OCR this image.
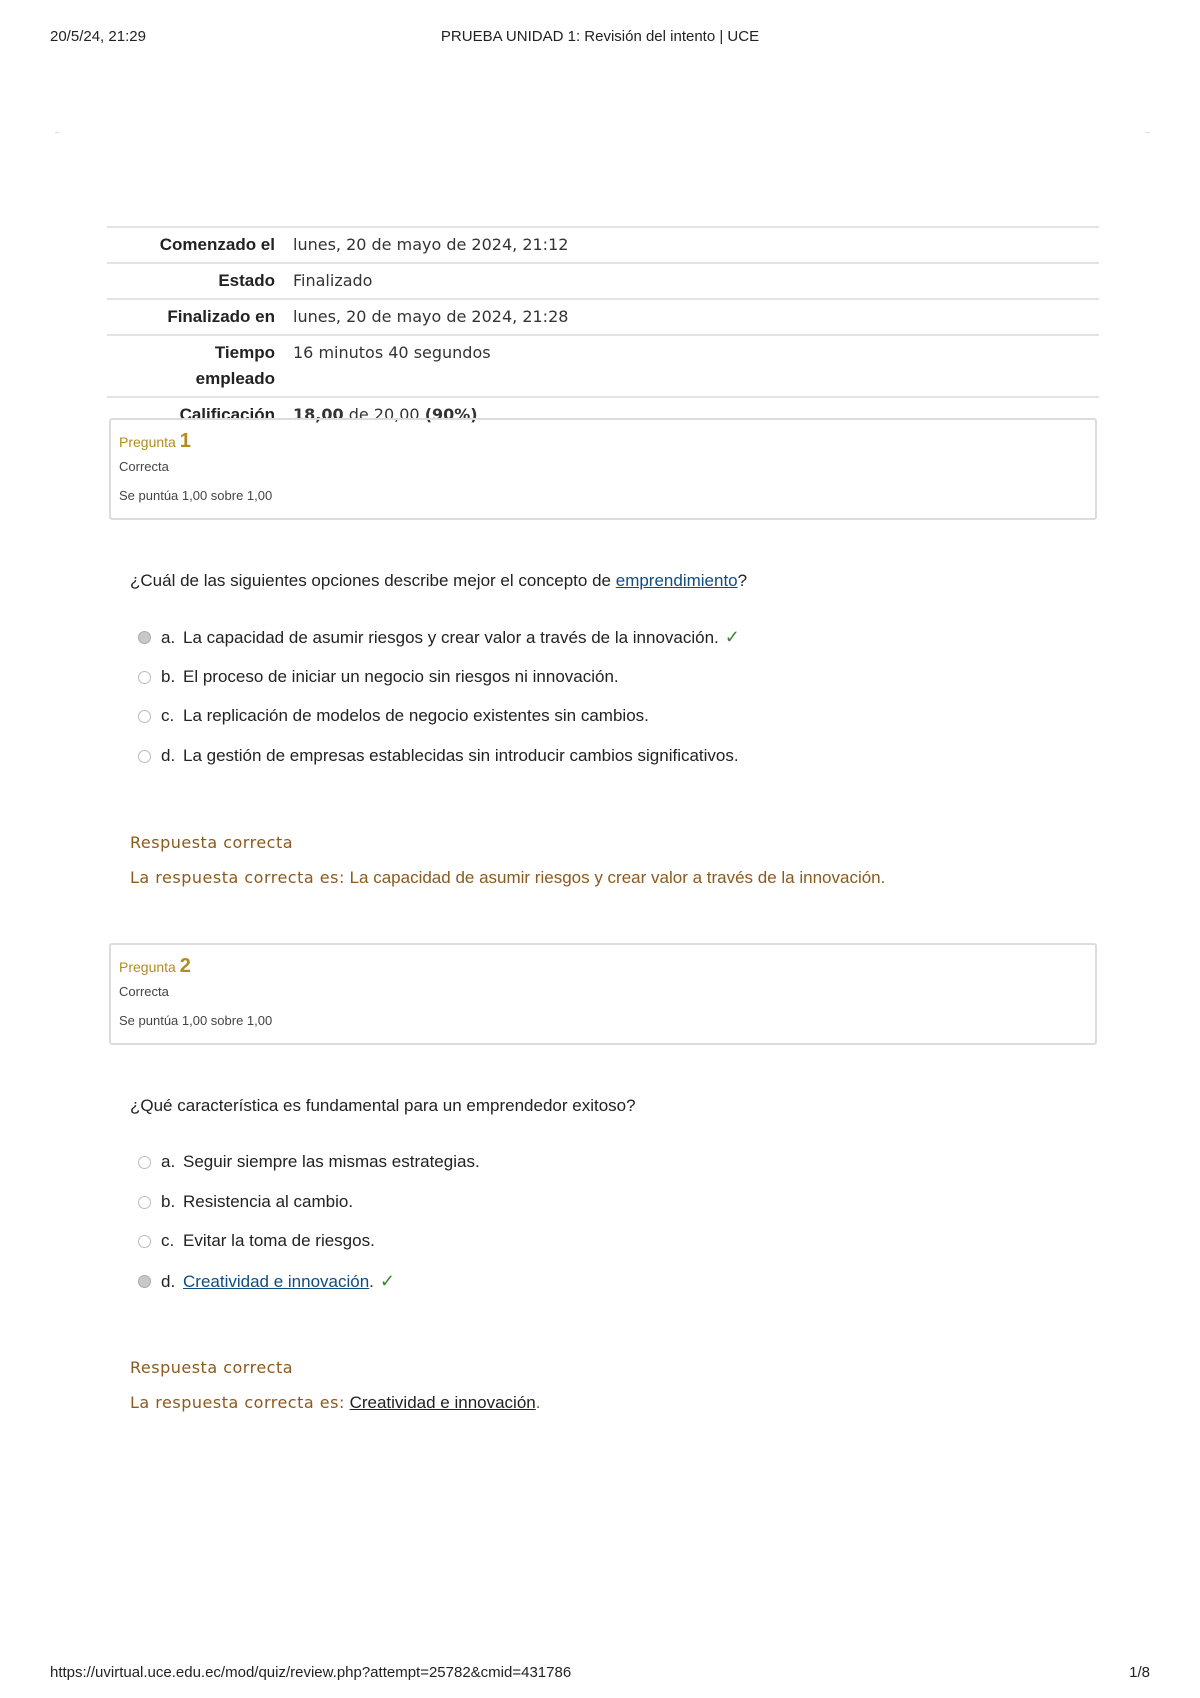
20/5/24, 21:29	PRUEBA UNIDAD 1: Revisión del intento | UCE
Comenzado el	lunes, 20 de mayo de 2024, 21:12
Estado	Finalizado
Finalizado en	lunes, 20 de mayo de 2024, 21:28
Tiempo
empleado	16 minutos 40 segundos
Calificación	18,00 de 20,00 (90%)
Pregunta 1
Correcta
Se puntúa 1,00 sobre 1,00
¿Cuál de las siguientes opciones describe mejor el concepto de emprendimiento?
a. La capacidad de asumir riesgos y crear valor a través de la innovación. ✓
b. El proceso de iniciar un negocio sin riesgos ni innovación.
c. La replicación de modelos de negocio existentes sin cambios.
d. La gestión de empresas establecidas sin introducir cambios significativos.
Respuesta correcta
La respuesta correcta es: La capacidad de asumir riesgos y crear valor a través de la innovación.
Pregunta 2
Correcta
Se puntúa 1,00 sobre 1,00
¿Qué característica es fundamental para un emprendedor exitoso?
a. Seguir siempre las mismas estrategias.
b. Resistencia al cambio.
c. Evitar la toma de riesgos.
d. Creatividad e innovación . ✓
Respuesta correcta
La respuesta correcta es: Creatividad e innovación.
https://uvirtual.uce.edu.ec/mod/quiz/review.php?attempt=25782&cmid=431786	1/8
